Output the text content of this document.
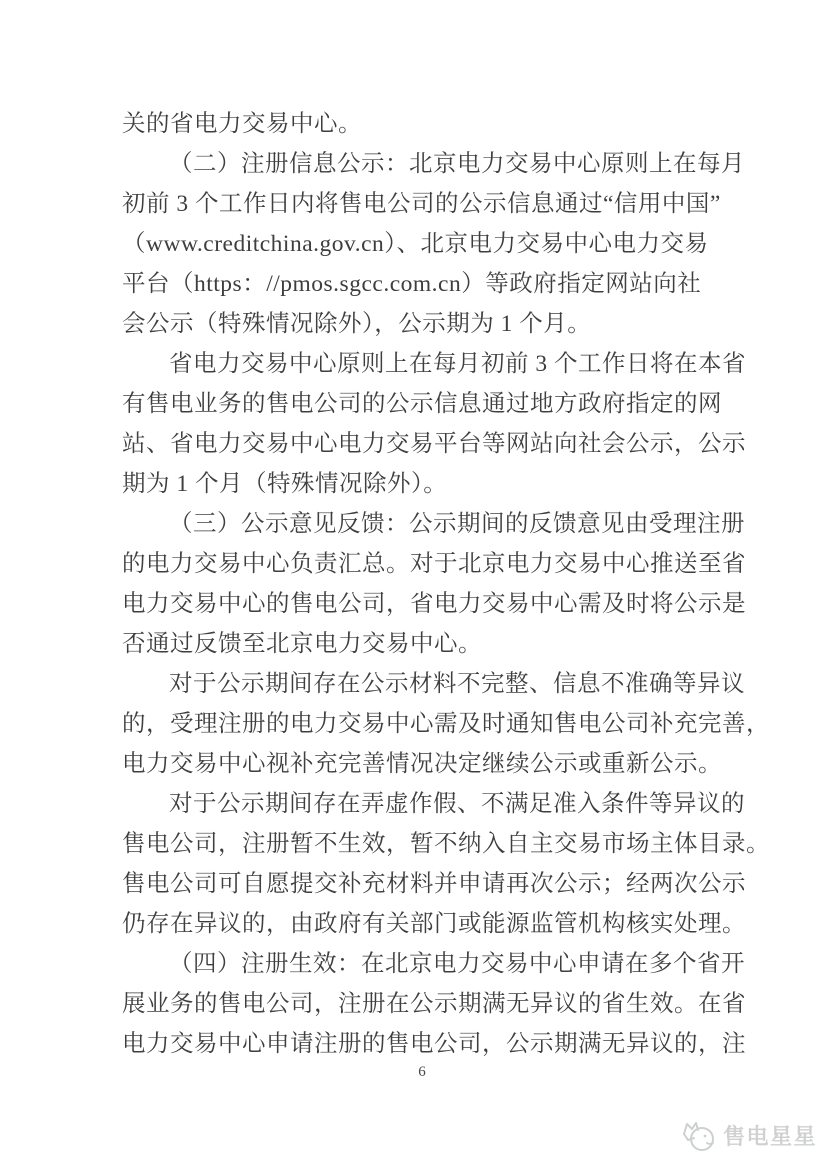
关的省电力交易中心。
（二）注册信息公示：北京电力交易中心原则上在每月
初前 3 个工作日内将售电公司的公示信息通过“信用中国”
（www.creditchina.gov.cn）、北京电力交易中心电力交易
平台（https：//pmos.sgcc.com.cn）等政府指定网站向社
会公示（特殊情况除外），公示期为 1 个月。
省电力交易中心原则上在每月初前 3 个工作日将在本省
有售电业务的售电公司的公示信息通过地方政府指定的网
站、省电力交易中心电力交易平台等网站向社会公示，公示
期为 1 个月（特殊情况除外）。
（三）公示意见反馈：公示期间的反馈意见由受理注册
的电力交易中心负责汇总。对于北京电力交易中心推送至省
电力交易中心的售电公司，省电力交易中心需及时将公示是
否通过反馈至北京电力交易中心。
对于公示期间存在公示材料不完整、信息不准确等异议
的，受理注册的电力交易中心需及时通知售电公司补充完善，
电力交易中心视补充完善情况决定继续公示或重新公示。
对于公示期间存在弄虚作假、不满足准入条件等异议的
售电公司，注册暂不生效，暂不纳入自主交易市场主体目录。
售电公司可自愿提交补充材料并申请再次公示；经两次公示
仍存在异议的，由政府有关部门或能源监管机构核实处理。
（四）注册生效：在北京电力交易中心申请在多个省开
展业务的售电公司，注册在公示期满无异议的省生效。在省
电力交易中心申请注册的售电公司，公示期满无异议的，注
6
售电星星
